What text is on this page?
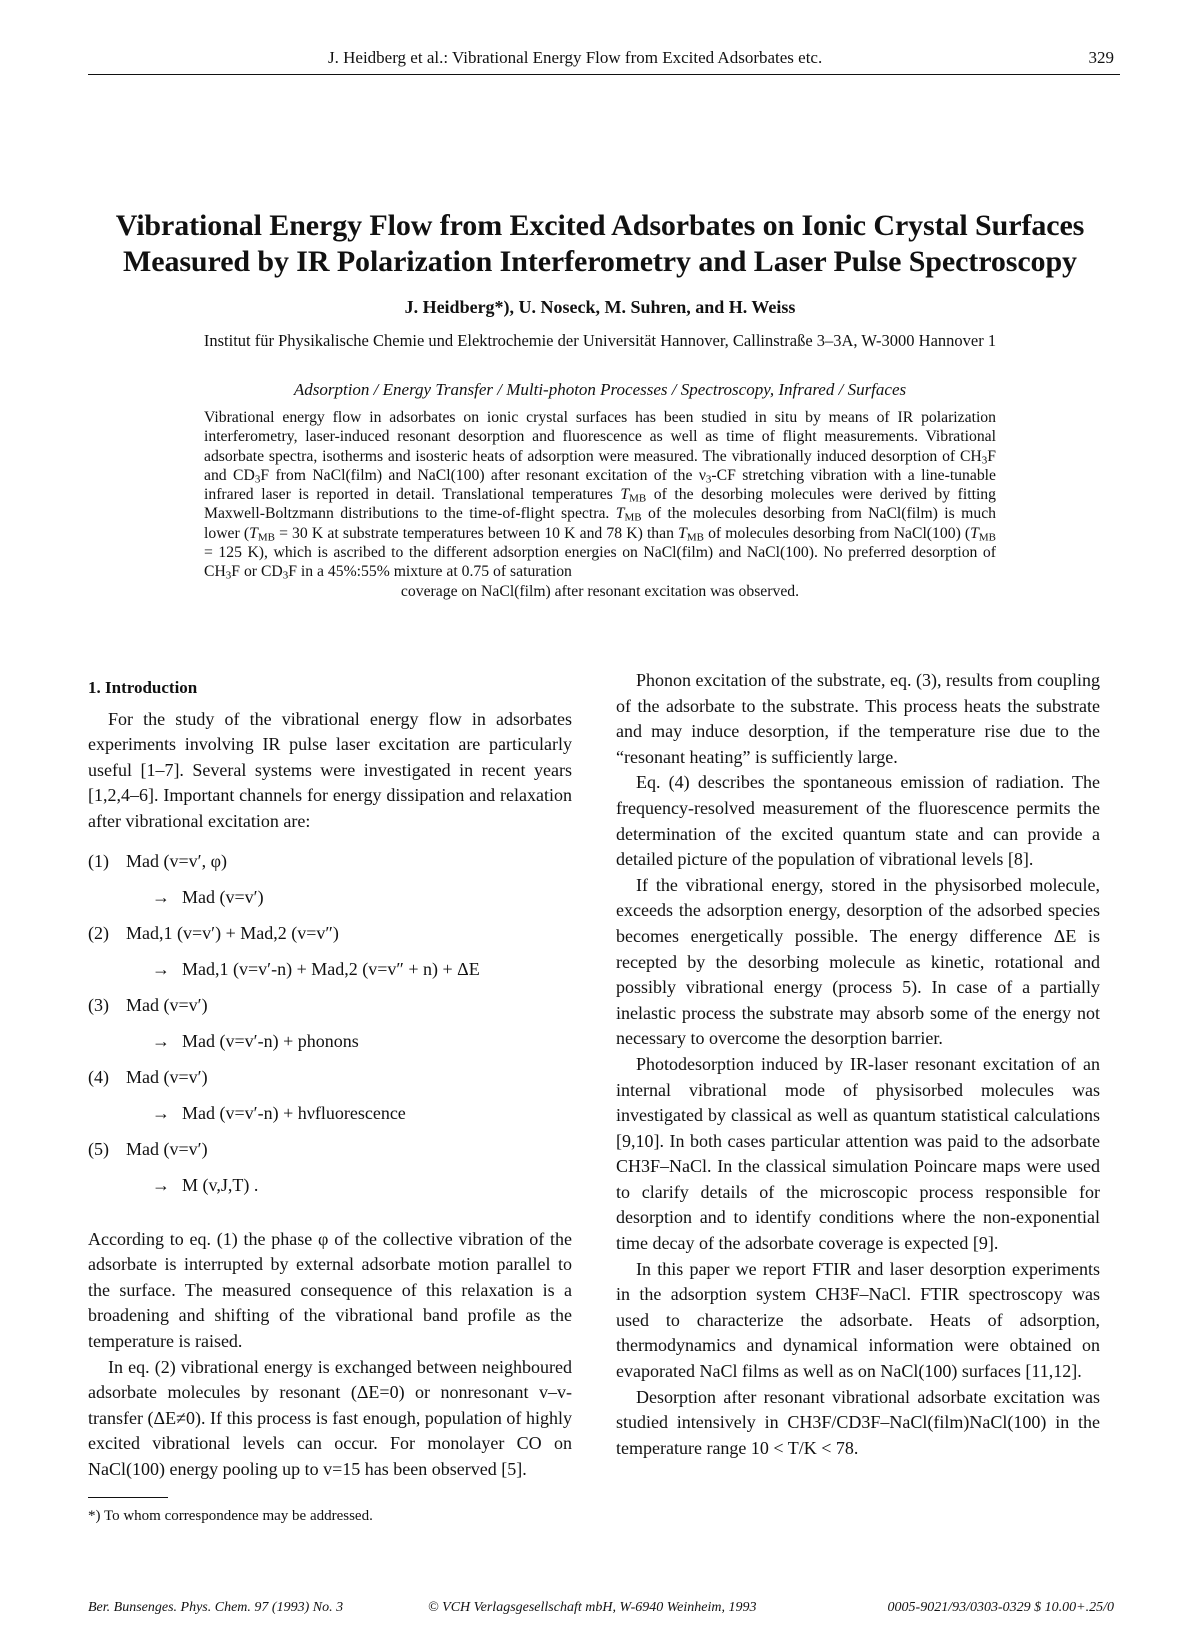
J. Heidberg et al.: Vibrational Energy Flow from Excited Adsorbates etc.	329
Vibrational Energy Flow from Excited Adsorbates on Ionic Crystal Surfaces
Measured by IR Polarization Interferometry and Laser Pulse Spectroscopy
J. Heidberg*), U. Noseck, M. Suhren, and H. Weiss
Institut für Physikalische Chemie und Elektrochemie der Universität Hannover, Callinstraße 3–3A, W-3000 Hannover 1
Adsorption / Energy Transfer / Multi-photon Processes / Spectroscopy, Infrared / Surfaces
Vibrational energy flow in adsorbates on ionic crystal surfaces has been studied in situ by means of IR polarization interferometry, laser-induced resonant desorption and fluorescence as well as time of flight measurements. Vibrational adsorbate spectra, isotherms and isosteric heats of adsorption were measured. The vibrationally induced desorption of $CH_3F$ and $CD_3F$ from NaCl(film) and NaCl(100) after resonant excitation of the $\nu_3-CF$ stretching vibration with a line-tunable infrared laser is reported in detail. Translational temperatures $T_{MB}$ of the desorbing molecules were derived by fitting Maxwell-Boltzmann distributions to the time-of-flight spectra. $T_{MB}$ of the molecules desorbing from NaCl(film) is much lower ($T_{MB} = 30$ K at substrate temperatures between 10 K and 78 K) than $T_{MB}$ of molecules desorbing from NaCl(100) ($T_{MB} = 125$ K), which is ascribed to the different adsorption energies on NaCl(film) and NaCl(100). No preferred desorption of $CH_3F$ or $CD_3F$ in a 45%:55% mixture at 0.75 of saturation
coverage on NaCl(film) after resonant excitation was observed.
1. Introduction

For the study of the vibrational energy flow in adsorbates experiments involving IR pulse laser excitation are particularly useful [1–7]. Several systems were investigated in recent years [1,2,4–6]. Important channels for energy dissipation and relaxation after vibrational excitation are:

(1) Mad (v=v′, φ)
→ Mad (v=v′)
(2) Mad,1 (v=v′) + Mad,2 (v=v″)
→ Mad,1 (v=v′-n) + Mad,2 (v=v″ + n) + ΔE
(3) Mad (v=v′)
→ Mad (v=v′-n) + phonons
(4) Mad (v=v′)
→ Mad (v=v′-n) + hνfluorescence
(5) Mad (v=v′)
→ M (v,J,T) .

According to eq. (1) the phase φ of the collective vibration of the adsorbate is interrupted by external adsorbate motion parallel to the surface. The measured consequence of this relaxation is a broadening and shifting of the vibrational band profile as the temperature is raised.

In eq. (2) vibrational energy is exchanged between neighboured adsorbate molecules by resonant (ΔE=0) or nonresonant v–v-transfer (ΔE≠0). If this process is fast enough, population of highly excited vibrational levels can occur. For monolayer CO on NaCl(100) energy pooling up to v=15 has been observed [5].

*) To whom correspondence may be addressed.

Phonon excitation of the substrate, eq. (3), results from coupling of the adsorbate to the substrate. This process heats the substrate and may induce desorption, if the temperature rise due to the “resonant heating” is sufficiently large.

Eq. (4) describes the spontaneous emission of radiation. The frequency-resolved measurement of the fluorescence permits the determination of the excited quantum state and can provide a detailed picture of the population of vibrational levels [8].

If the vibrational energy, stored in the physisorbed molecule, exceeds the adsorption energy, desorption of the adsorbed species becomes energetically possible. The energy difference ΔE is recepted by the desorbing molecule as kinetic, rotational and possibly vibrational energy (process 5). In case of a partially inelastic process the substrate may absorb some of the energy not necessary to overcome the desorption barrier.

Photodesorption induced by IR-laser resonant excitation of an internal vibrational mode of physisorbed molecules was investigated by classical as well as quantum statistical calculations [9,10]. In both cases particular attention was paid to the adsorbate CH3F–NaCl. In the classical simulation Poincare maps were used to clarify details of the microscopic process responsible for desorption and to identify conditions where the non-exponential time decay of the adsorbate coverage is expected [9].

In this paper we report FTIR and laser desorption experiments in the adsorption system CH3F–NaCl. FTIR spectroscopy was used to characterize the adsorbate. Heats of adsorption, thermodynamics and dynamical information were obtained on evaporated NaCl films as well as on NaCl(100) surfaces [11,12].

Desorption after resonant vibrational adsorbate excitation was studied intensively in CH3F/CD3F–NaCl(film)NaCl(100) in the temperature range 10 < T/K < 78.

Ber. Bunsenges. Phys. Chem. 97 (1993) No. 3	© VCH Verlagsgesellschaft mbH, W-6940 Weinheim, 1993	0005-9021/93/0303-0329 $ 10.00+.25/0
